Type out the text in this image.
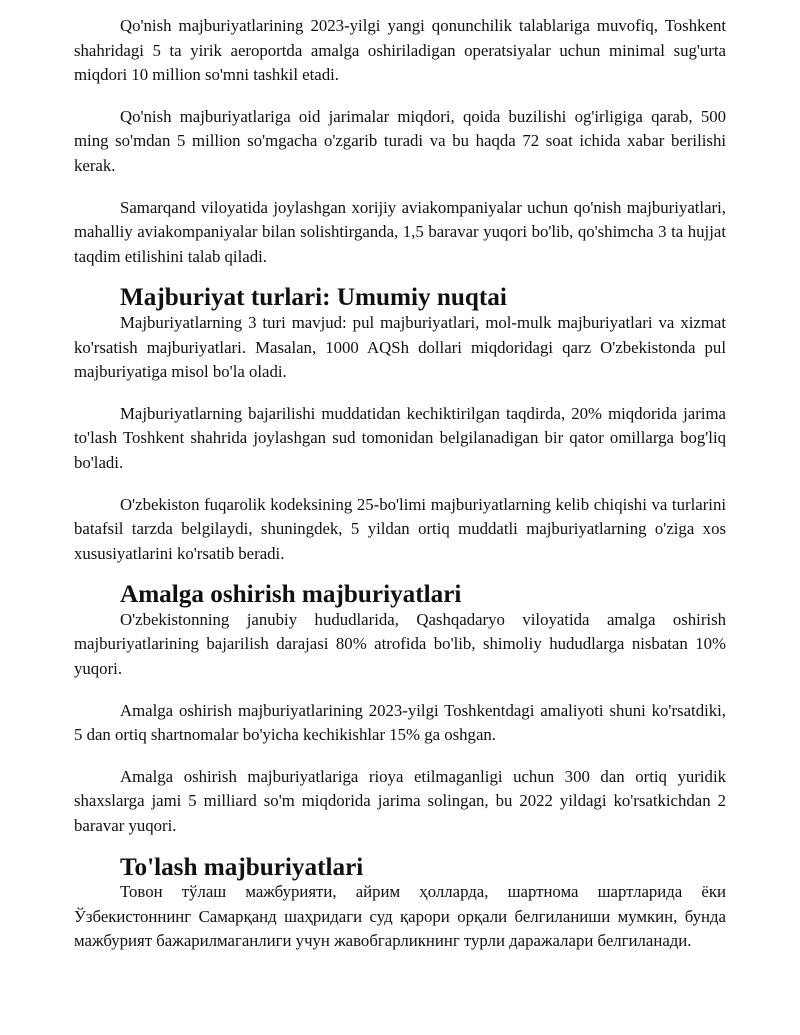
Qo'nish majburiyatlarining 2023-yilgi yangi qonunchilik talablariga muvofiq, Toshkent shahridagi 5 ta yirik aeroportda amalga oshiriladigan operatsiyalar uchun minimal sug'urta miqdori 10 million so'mni tashkil etadi.

Qo'nish majburiyatlariga oid jarimalar miqdori, qoida buzilishi og'irligiga qarab, 500 ming so'mdan 5 million so'mgacha o'zgarib turadi va bu haqda 72 soat ichida xabar berilishi kerak.

Samarqand viloyatida joylashgan xorijiy aviakompaniyalar uchun qo'nish majburiyatlari, mahalliy aviakompaniyalar bilan solishtirganda, 1,5 baravar yuqori bo'lib, qo'shimcha 3 ta hujjat taqdim etilishini talab qiladi.

Majburiyat turlari: Umumiy nuqtai

Majburiyatlarning 3 turi mavjud: pul majburiyatlari, mol-mulk majburiyatlari va xizmat ko'rsatish majburiyatlari. Masalan, 1000 AQSh dollari miqdoridagi qarz O'zbekistonda pul majburiyatiga misol bo'la oladi.

Majburiyatlarning bajarilishi muddatidan kechiktirilgan taqdirda, 20% miqdorida jarima to'lash Toshkent shahrida joylashgan sud tomonidan belgilanadigan bir qator omillarga bog'liq bo'ladi.

O'zbekiston fuqarolik kodeksining 25-bo'limi majburiyatlarning kelib chiqishi va turlarini batafsil tarzda belgilaydi, shuningdek, 5 yildan ortiq muddatli majburiyatlarning o'ziga xos xususiyatlarini ko'rsatib beradi.

Amalga oshirish majburiyatlari

O'zbekistonning janubiy hududlarida, Qashqadaryo viloyatida amalga oshirish majburiyatlarining bajarilish darajasi 80% atrofida bo'lib, shimoliy hududlarga nisbatan 10% yuqori.

Amalga oshirish majburiyatlarining 2023-yilgi Toshkentdagi amaliyoti shuni ko'rsatdiki, 5 dan ortiq shartnomalar bo'yicha kechikishlar 15% ga oshgan.

Amalga oshirish majburiyatlariga rioya etilmaganligi uchun 300 dan ortiq yuridik shaxslarga jami 5 milliard so'm miqdorida jarima solingan, bu 2022 yildagi ko'rsatkichdan 2 baravar yuqori.

To'lash majburiyatlari

Товон тўлаш мажбурияти, айрим ҳолларда, шартнома шартларида ёки Ўзбекистоннинг Самарқанд шаҳридаги суд қарори орқали белгиланиши мумкин, бунда мажбурият бажарилмаганлиги учун жавобгарликнинг турли даражалари белгиланади.
